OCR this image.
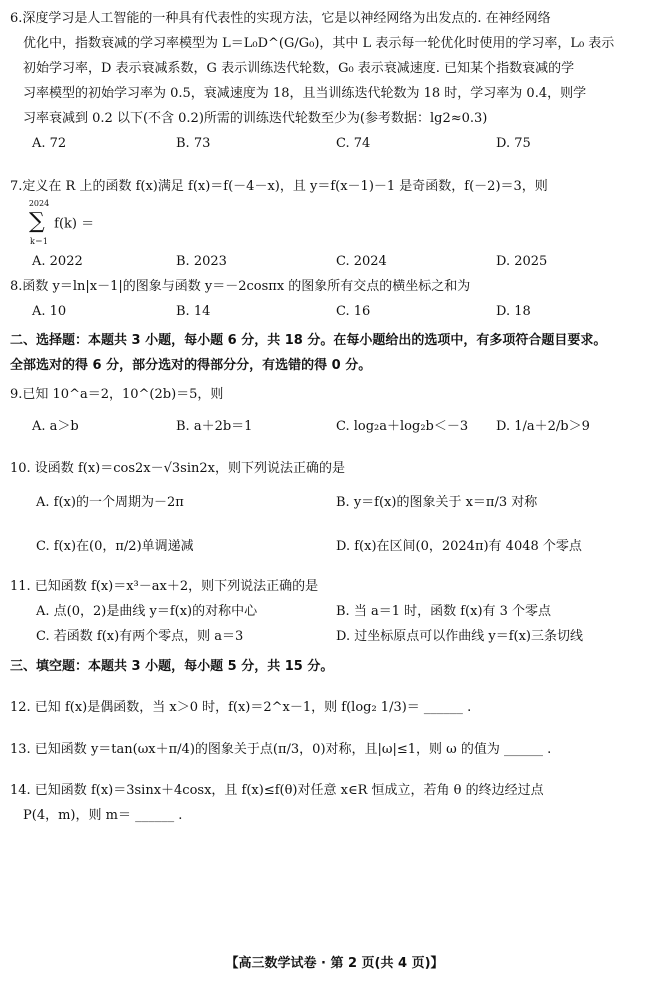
6.深度学习是人工智能的一种具有代表性的实现方法，它是以神经网络为出发点的. 在神经网络
优化中，指数衰减的学习率模型为 L＝L₀D^(G/G₀)，其中 L 表示每一轮优化时使用的学习率，L₀ 表示
初始学习率，D 表示衰减系数，G 表示训练迭代轮数，G₀ 表示衰减速度. 已知某个指数衰减的学
习率模型的初始学习率为 0.5，衰减速度为 18，且当训练迭代轮数为 18 时，学习率为 0.4，则学
习率衰减到 0.2 以下(不含 0.2)所需的训练迭代轮数至少为(参考数据：lg2≈0.3)
A. 72	B. 73	C. 74	D. 75
7.定义在 R 上的函数 f(x)满足 f(x)＝f(－4－x)，且 y＝f(x－1)－1 是奇函数，f(－2)＝3，则
2024
∑
k＝1
f(k) ＝
A. 2022	B. 2023	C. 2024	D. 2025
8.函数 y＝ln|x－1|的图象与函数 y＝－2cosπx 的图象所有交点的横坐标之和为
A. 10	B. 14	C. 16	D. 18
二、选择题：本题共 3 小题，每小题 6 分，共 18 分。在每小题给出的选项中，有多项符合题目要求。
全部选对的得 6 分，部分选对的得部分分，有选错的得 0 分。
9.已知 10^a＝2，10^(2b)＝5，则
A. a＞b	B. a＋2b＝1	C. log₂a＋log₂b＜－3 D. 1/a＋2/b＞9
10. 设函数 f(x)＝cos2x－√3sin2x，则下列说法正确的是
A. f(x)的一个周期为－2π	B. y＝f(x)的图象关于 x＝π/3 对称
C. f(x)在(0，π/2)单调递减	D. f(x)在区间(0，2024π)有 4048 个零点
11. 已知函数 f(x)＝x³－ax＋2，则下列说法正确的是
A. 点(0，2)是曲线 y＝f(x)的对称中心	B. 当 a＝1 时，函数 f(x)有 3 个零点
C. 若函数 f(x)有两个零点，则 a＝3	D. 过坐标原点可以作曲线 y＝f(x)三条切线
三、填空题：本题共 3 小题，每小题 5 分，共 15 分。
12. 已知 f(x)是偶函数，当 x＞0 时，f(x)＝2^x－1，则 f(log₂ 1/3)＝ ______ .
13. 已知函数 y＝tan(ωx＋π/4)的图象关于点(π/3，0)对称，且|ω|≤1，则 ω 的值为 ______ .
14. 已知函数 f(x)＝3sinx＋4cosx，且 f(x)≤f(θ)对任意 x∈R 恒成立，若角 θ 的终边经过点
P(4，m)，则 m＝ ______ .
【高三数学试卷 · 第 2 页(共 4 页)】
